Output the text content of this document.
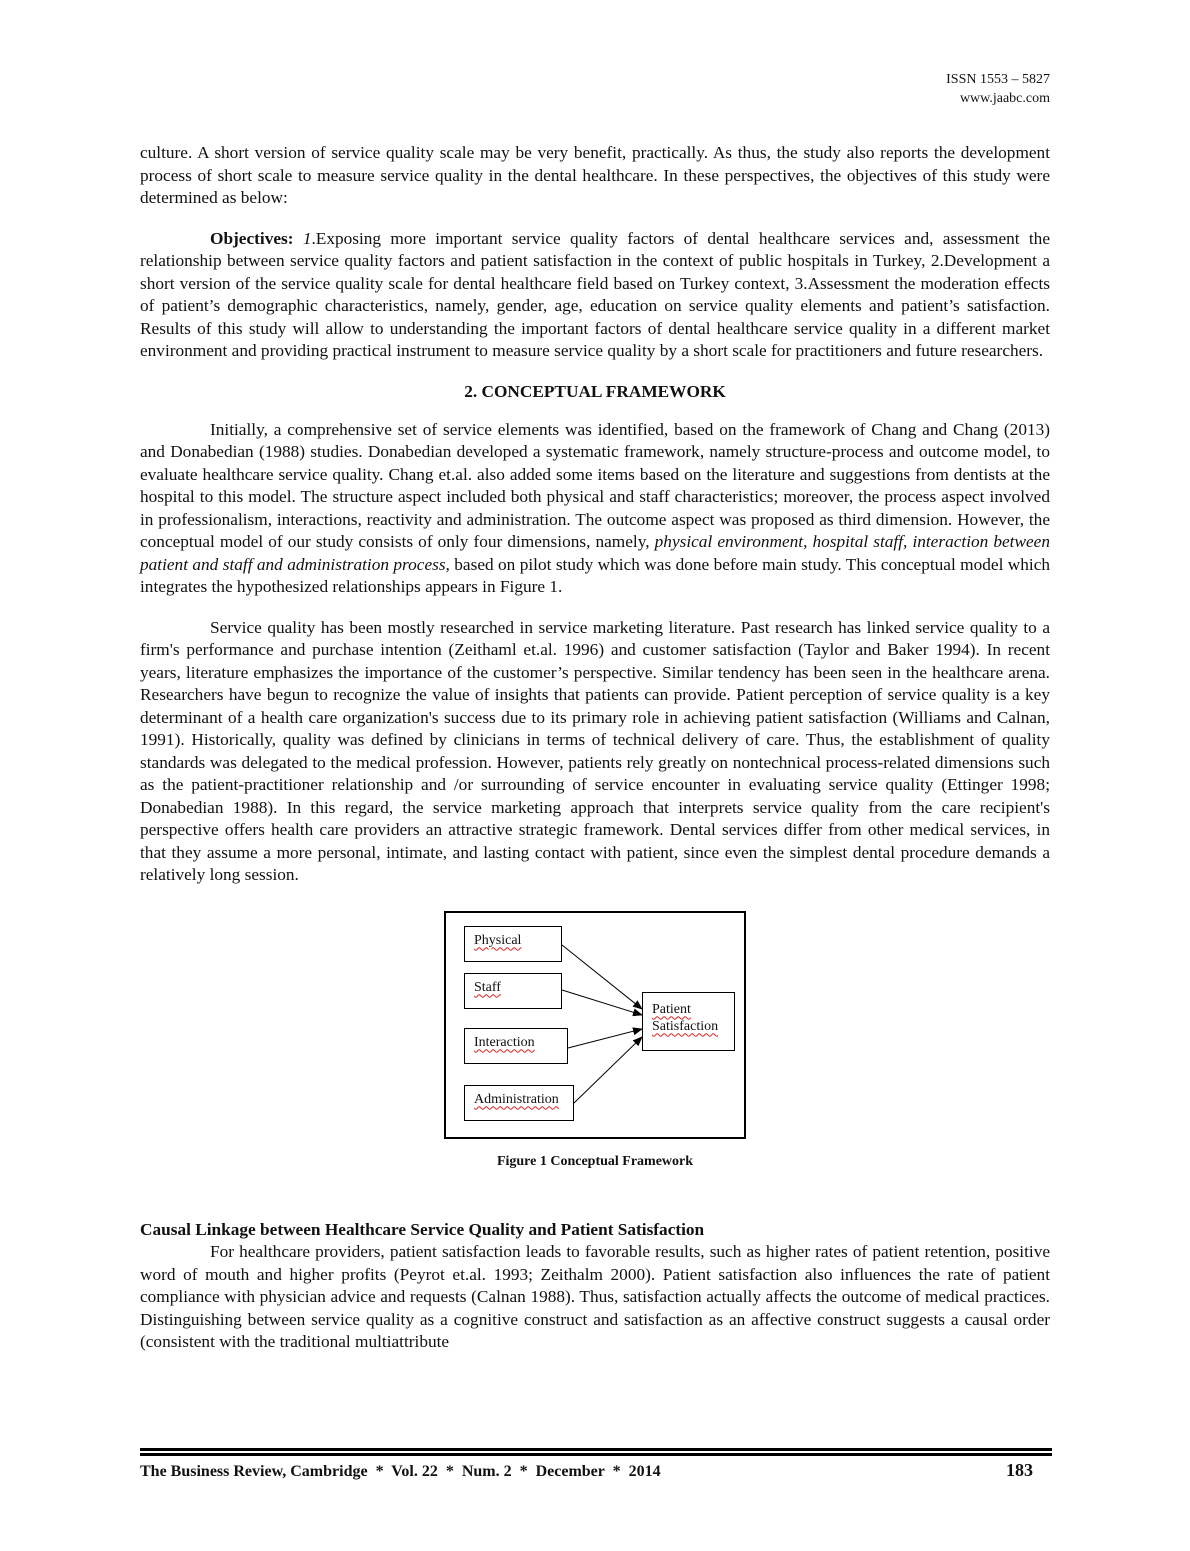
ISSN 1553 – 5827
www.jaabc.com

culture. A short version of service quality scale may be very benefit, practically. As thus, the study also reports the development process of short scale to measure service quality in the dental healthcare. In these perspectives, the objectives of this study were determined as below:

Objectives: 1.Exposing more important service quality factors of dental healthcare services and, assessment the relationship between service quality factors and patient satisfaction in the context of public hospitals in Turkey, 2.Development a short version of the service quality scale for dental healthcare field based on Turkey context, 3.Assessment the moderation effects of patient’s demographic characteristics, namely, gender, age, education on service quality elements and patient’s satisfaction. Results of this study will allow to understanding the important factors of dental healthcare service quality in a different market environment and providing practical instrument to measure service quality by a short scale for practitioners and future researchers.

2. CONCEPTUAL FRAMEWORK

Initially, a comprehensive set of service elements was identified, based on the framework of Chang and Chang (2013) and Donabedian (1988) studies. Donabedian developed a systematic framework, namely structure-process and outcome model, to evaluate healthcare service quality. Chang et.al. also added some items based on the literature and suggestions from dentists at the hospital to this model. The structure aspect included both physical and staff characteristics; moreover, the process aspect involved in professionalism, interactions, reactivity and administration. The outcome aspect was proposed as third dimension. However, the conceptual model of our study consists of only four dimensions, namely, physical environment, hospital staff, interaction between patient and staff and administration process, based on pilot study which was done before main study. This conceptual model which integrates the hypothesized relationships appears in Figure 1.

Service quality has been mostly researched in service marketing literature. Past research has linked service quality to a firm's performance and purchase intention (Zeithaml et.al. 1996) and customer satisfaction (Taylor and Baker 1994). In recent years, literature emphasizes the importance of the customer’s perspective. Similar tendency has been seen in the healthcare arena. Researchers have begun to recognize the value of insights that patients can provide. Patient perception of service quality is a key determinant of a health care organization's success due to its primary role in achieving patient satisfaction (Williams and Calnan, 1991). Historically, quality was defined by clinicians in terms of technical delivery of care. Thus, the establishment of quality standards was delegated to the medical profession. However, patients rely greatly on nontechnical process-related dimensions such as the patient-practitioner relationship and /or surrounding of service encounter in evaluating service quality (Ettinger 1998; Donabedian 1988). In this regard, the service marketing approach that interprets service quality from the care recipient's perspective offers health care providers an attractive strategic framework. Dental services differ from other medical services, in that they assume a more personal, intimate, and lasting contact with patient, since even the simplest dental procedure demands a relatively long session.

Physical
Staff
Interaction
Administration
Patient
Satisfaction
Figure 1 Conceptual Framework

Causal Linkage between Healthcare Service Quality and Patient Satisfaction

For healthcare providers, patient satisfaction leads to favorable results, such as higher rates of patient retention, positive word of mouth and higher profits (Peyrot et.al. 1993; Zeithalm 2000). Patient satisfaction also influences the rate of patient compliance with physician advice and requests (Calnan 1988). Thus, satisfaction actually affects the outcome of medical practices. Distinguishing between service quality as a cognitive construct and satisfaction as an affective construct suggests a causal order (consistent with the traditional multiattribute

The Business Review, Cambridge  *  Vol. 22  *  Num. 2  *  December  *  2014	183
